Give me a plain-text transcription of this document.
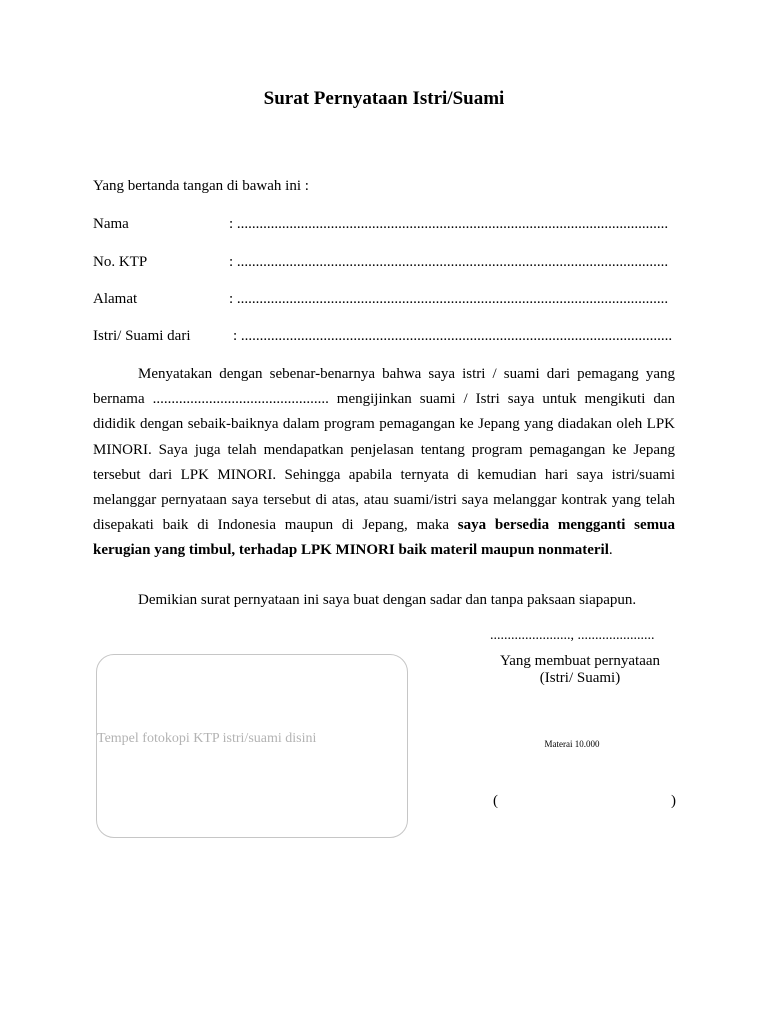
Surat Pernyataan Istri/Suami
Yang bertanda tangan di bawah ini :
Nama	: ...................................................................................................................
No. KTP	: ...................................................................................................................
Alamat	: ...................................................................................................................
Istri/ Suami dari	: ...................................................................................................................

Menyatakan dengan sebenar-benarnya bahwa saya istri / suami dari pemagang yang bernama ............................................... mengijinkan suami / Istri saya untuk mengikuti dan dididik dengan sebaik-baiknya dalam program pemagangan ke Jepang yang diadakan oleh LPK MINORI. Saya juga telah mendapatkan penjelasan tentang program pemagangan ke Jepang tersebut dari LPK MINORI. Sehingga apabila ternyata di kemudian hari saya istri/suami melanggar pernyataan saya tersebut di atas, atau suami/istri saya melanggar kontrak yang telah disepakati baik di Indonesia maupun di Jepang, maka saya bersedia mengganti semua kerugian yang timbul, terhadap LPK MINORI baik materil maupun nonmateril.

Demikian surat pernyataan ini saya buat dengan sadar dan tanpa paksaan siapapun.
......................., ......................
Yang membuat pernyataan
(Istri/ Suami)
Materai 10.000
(	)
Tempel fotokopi KTP istri/suami disini
